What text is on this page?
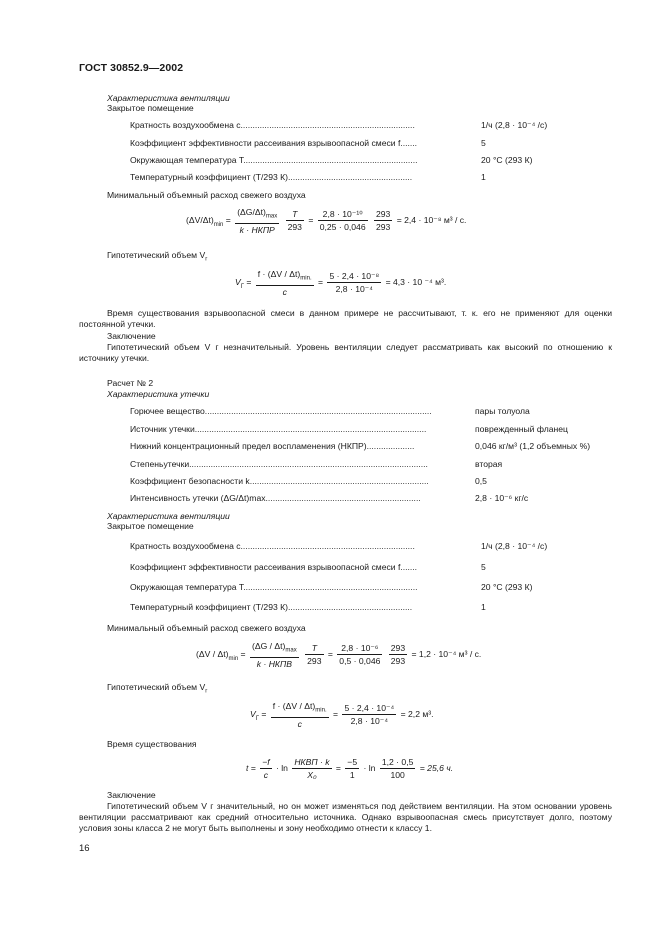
ГОСТ 30852.9—2002
Характеристика вентиляции
Закрытое помещение
Кратность воздухообмена c.........................................................................	1/ч (2,8 · 10⁻⁴ /с)
Коэффициент эффективности рассеивания взрывоопасной смеси f.......	5
Окружающая температура T.........................................................................	20 °С (293 К)
Температурный коэффициент (T/293 К)....................................................	1
Минимальный объемный расход свежего воздуха
$(\Delta V/\Delta t)_{min} = \frac{(\Delta G/\Delta t)_{max}}{\text{k · НКПР}}$
$\frac{T}{293} = \frac{\text{2,8 · 10⁻¹⁰}}{0,25 \cdot 0,046}$
$\frac{293}{293} = 2,4 \cdot 10^{-8}$ м³ / с.
Гипотетический объем $V_г$
$V_Г = \frac{f \cdot (\Delta V / \Delta t)_{min.}}{c} = \frac{\text{5 · 2,4 · 10⁻⁸}}{\text{2,8 · 10⁻⁴}} = 4,3 \cdot 10$ ⁻⁴ м³.
Время существования взрывоопасной смеси в данном примере не рассчитывают, т. к. его не применяют для оценки постоянной утечки.
Заключение
Гипотетический объем V г незначительный. Уровень вентиляции следует рассматривать как высокий по отношению к источнику утечки.
Расчет № 2
Характеристика утечки
Горючее вещество...............................................................................................	пары толуола
Источник утечки.................................................................................................	поврежденный фланец
Нижний концентрационный предел воспламенения (НКПР)....................	0,046 кг/м³ (1,2 объемных %)
Степеньутечки....................................................................................................	вторая
Коэффициент безопасности k...........................................................................	0,5
Интенсивность утечки (ΔG/Δt)max.................................................................	2,8 · 10⁻⁶ кг/с
Характеристика вентиляции
Закрытое помещение
Кратность воздухообмена c.........................................................................	1/ч (2,8 · 10⁻⁴ /с)
Коэффициент эффективности рассеивания взрывоопасной смеси f.......	5
Окружающая температура T.........................................................................	20 °С (293 К)
Температурный коэффициент (T/293 К)....................................................	1
Минимальный объемный расход свежего воздуха
$(\Delta V / \Delta t)_{min} = \frac{(\Delta G / \Delta t)_{max}}{\text{k · НКПВ}}$
$\frac{T}{293} = \frac{\text{2,8 · 10⁻⁶}}{0,5 \cdot 0,046}$
$\frac{293}{293} = 1,2 \cdot 10^{-4}$ м³ / с.
Гипотетический объем $V_г$
$V_Г = \frac{f \cdot (\Delta V / \Delta t)_{min.}}{c} = \frac{\text{5 · 2,4 · 10⁻⁴}}{\text{2,8 · 10⁻⁴}} = 2,2$ м³.
Время существования
$t = \frac{-f}{c} \cdot \ln \frac{\text{НКВП · k}}{\text{X₀}} = \frac{-5}{1} \cdot \ln \frac{1,2 \cdot 0,5}{100} = 25,6$ ч.
Заключение
Гипотетический объем V г значительный, но он может изменяться под действием вентиляции. На этом основании уровень вентиляции рассматривают как средний относительно источника. Однако взрывоопасная смесь присутствует долго, поэтому условия зоны класса 2 не могут быть выполнены и зону необходимо отнести к классу 1.
16
